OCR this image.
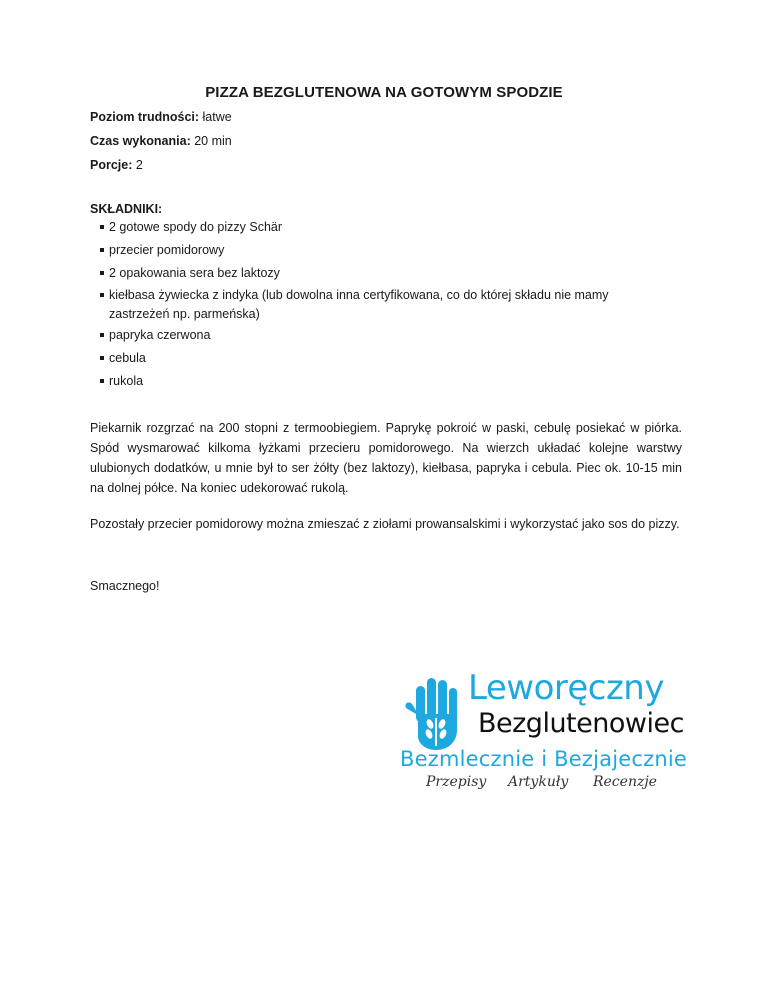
PIZZA BEZGLUTENOWA NA GOTOWYM SPODZIE
Poziom trudności: łatwe
Czas wykonania: 20 min
Porcje: 2
SKŁADNIKI:
2 gotowe spody do pizzy Schär
przecier pomidorowy
2 opakowania sera bez laktozy
kiełbasa żywiecka z indyka (lub dowolna inna certyfikowana, co do której składu nie mamy
zastrzeżeń np. parmeńska)
papryka czerwona
cebula
rukola
Piekarnik rozgrzać na 200 stopni z termoobiegiem. Paprykę pokroić w paski, cebulę posiekać w piórka. Spód wysmarować kilkoma łyżkami przecieru pomidorowego. Na wierzch układać kolejne warstwy ulubionych dodatków, u mnie był to ser żółty (bez laktozy), kiełbasa, papryka i cebula. Piec ok. 10-15 min na dolnej półce. Na koniec udekorować rukolą.
Pozostały przecier pomidorowy można zmieszać z ziołami prowansalskimi i wykorzystać jako sos do pizzy.
Smacznego!
Leworęczny
Bezglutenowiec
Bezmlecznie i Bezjajecznie
Przepisy Artykuły Recenzje
